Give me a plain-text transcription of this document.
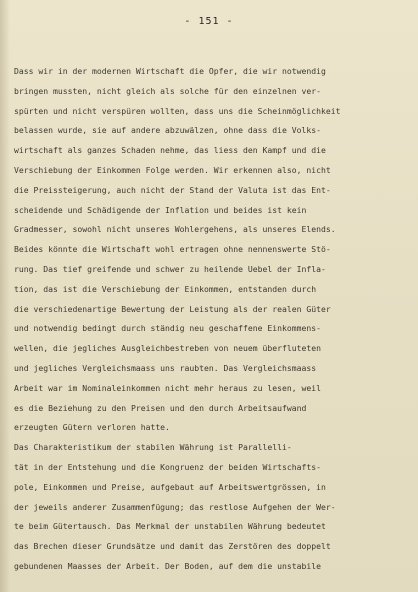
- 151 -
Dass wir in der modernen Wirtschaft die Opfer, die wir notwendig
bringen mussten, nicht gleich als solche für den einzelnen ver-
spürten und nicht verspüren wollten, dass uns die Scheinmöglichkeit
belassen wurde, sie auf andere abzuwälzen, ohne dass die Volks-
wirtschaft als ganzes Schaden nehme, das liess den Kampf und die
Verschiebung der Einkommen Folge werden. Wir erkennen also, nicht
die Preissteigerung, auch nicht der Stand der Valuta ist das Ent-
scheidende und Schädigende der Inflation und beides ist kein
Gradmesser, sowohl nicht unseres Wohlergehens, als unseres Elends.
Beides könnte die Wirtschaft wohl ertragen ohne nennenswerte Stö-
rung. Das tief greifende und schwer zu heilende Uebel der Infla-
tion, das ist die Verschiebung der Einkommen, entstanden durch
die verschiedenartige Bewertung der Leistung als der realen Güter
und notwendig bedingt durch ständig neu geschaffene Einkommens-
wellen, die jegliches Ausgleichbestreben von neuem überfluteten
und jegliches Vergleichsmaass uns raubten. Das Vergleichsmaass
Arbeit war im Nominaleinkommen nicht mehr heraus zu lesen, weil
es die Beziehung zu den Preisen und den durch Arbeitsaufwand
erzeugten Gütern verloren hatte.
Das Charakteristikum der stabilen Währung ist Parallelli-
tät in der Entstehung und die Kongruenz der beiden Wirtschafts-
pole, Einkommen und Preise, aufgebaut auf Arbeitswertgrössen, in
der jeweils anderer Zusammenfügung; das restlose Aufgehen der Wer-
te beim Gütertausch. Das Merkmal der unstabilen Währung bedeutet
das Brechen dieser Grundsätze und damit das Zerstören des doppelt
gebundenen Maasses der Arbeit. Der Boden, auf dem die unstabile
